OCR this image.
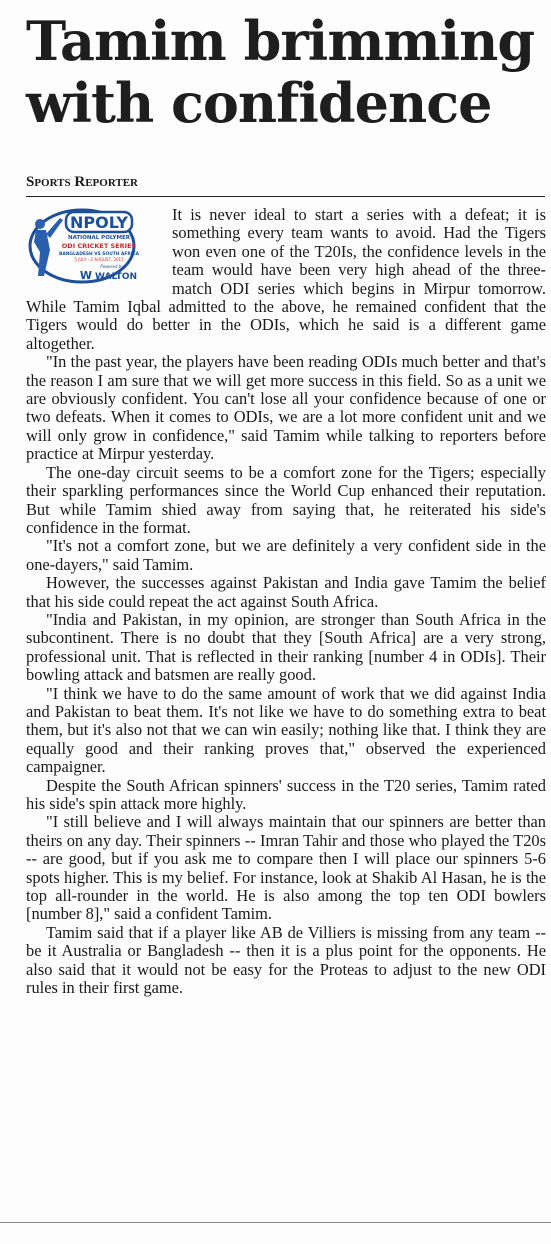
Tamim brimming with confidence
Sports Reporter
NPOLY
NATIONAL POLYMER
ODI CRICKET SERIES
BANGLADESH VS SOUTH AFRICA
5 JULY - 2 AUGUST, 2015
Powered by
W WALTON

It is never ideal to start a series with a defeat; it is something every team wants to avoid. Had the Tigers won even one of the T20Is, the confidence levels in the team would have been very high ahead of the three-match ODI series which begins in Mirpur tomorrow. While Tamim Iqbal admitted to the above, he remained confident that the Tigers would do better in the ODIs, which he said is a different game altogether.

"In the past year, the players have been reading ODIs much better and that's the reason I am sure that we will get more success in this field. So as a unit we are obviously confident. You can't lose all your confidence because of one or two defeats. When it comes to ODIs, we are a lot more confident unit and we will only grow in confidence," said Tamim while talking to reporters before practice at Mirpur yesterday.

The one-day circuit seems to be a comfort zone for the Tigers; especially their sparkling performances since the World Cup enhanced their reputation. But while Tamim shied away from saying that, he reiterated his side's confidence in the format.

"It's not a comfort zone, but we are definitely a very confident side in the one-dayers," said Tamim.

However, the successes against Pakistan and India gave Tamim the belief that his side could repeat the act against South Africa.

"India and Pakistan, in my opinion, are stronger than South Africa in the subcontinent. There is no doubt that they [South Africa] are a very strong, professional unit. That is reflected in their ranking [number 4 in ODIs]. Their bowling attack and batsmen are really good.

"I think we have to do the same amount of work that we did against India and Pakistan to beat them. It's not like we have to do something extra to beat them, but it's also not that we can win easily; nothing like that. I think they are equally good and their ranking proves that," observed the experienced campaigner.

Despite the South African spinners' success in the T20 series, Tamim rated his side's spin attack more highly.

"I still believe and I will always maintain that our spinners are better than theirs on any day. Their spinners -- Imran Tahir and those who played the T20s -- are good, but if you ask me to compare then I will place our spinners 5-6 spots higher. This is my belief. For instance, look at Shakib Al Hasan, he is the top all-rounder in the world. He is also among the top ten ODI bowlers [number 8]," said a confident Tamim.

Tamim said that if a player like AB de Villiers is missing from any team -- be it Australia or Bangladesh -- then it is a plus point for the opponents. He also said that it would not be easy for the Proteas to adjust to the new ODI rules in their first game.
